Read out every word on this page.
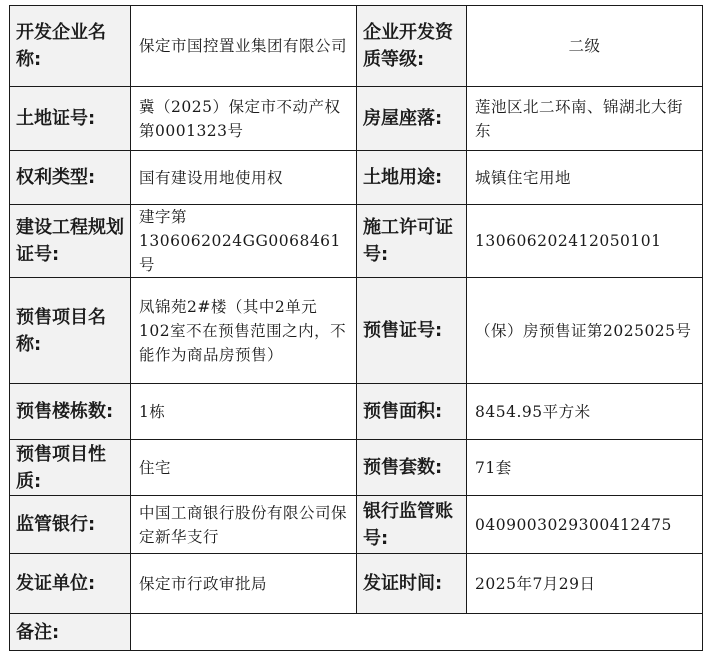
开发企业名称:	保定市国控置业集团有限公司	企业开发资质等级:	二级
土地证号:	冀（2025）保定市不动产权第0001323号	房屋座落:	莲池区北二环南、锦湖北大街东
权利类型:	国有建设用地使用权	土地用途:	城镇住宅用地
建设工程规划证号:	建字第1306062024GG0068461号	施工许可证号:	130606202412050101
预售项目名称:	凤锦苑2#楼（其中2单元102室不在预售范围之内，不能作为商品房预售）	预售证号:	（保）房预售证第2025025号
预售楼栋数:	1栋	预售面积:	8454.95平方米
预售项目性质:	住宅	预售套数:	71套
监管银行:	中国工商银行股份有限公司保定新华支行	银行监管账号:	0409003029300412475
发证单位:	保定市行政审批局	发证时间:	2025年7月29日
备注:			
